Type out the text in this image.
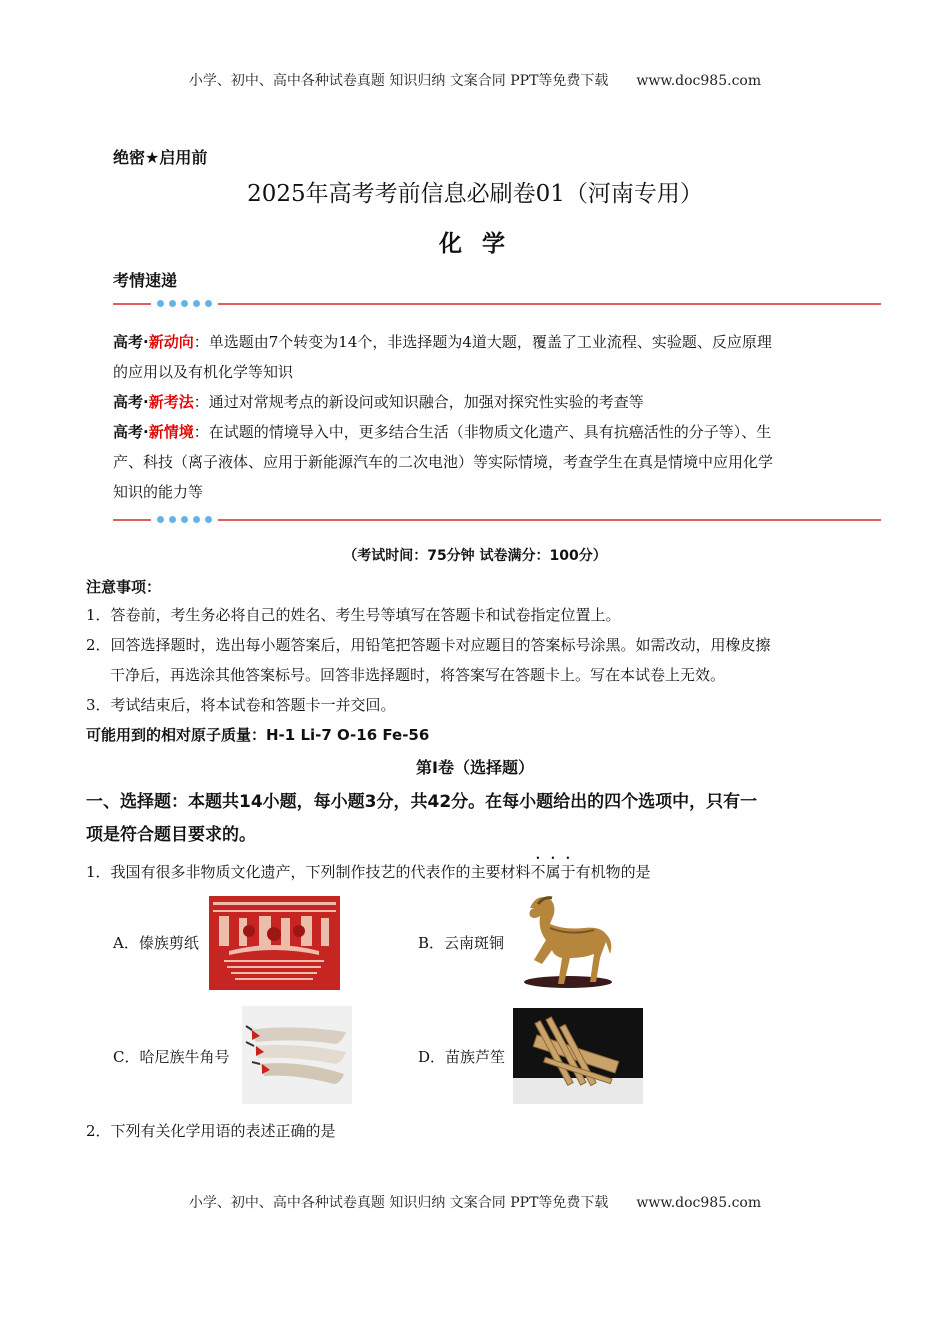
小学、初中、高中各种试卷真题 知识归纳 文案合同 PPT等免费下载 www.doc985.com
绝密★启用前
2025年高考考前信息必刷卷01（河南专用）
化 学
考情速递
高考·新动向：单选题由7个转变为14个，非选择题为4道大题，覆盖了工业流程、实验题、反应原理
的应用以及有机化学等知识
高考·新考法：通过对常规考点的新设问或知识融合，加强对探究性实验的考查等
高考·新情境：在试题的情境导入中，更多结合生活（非物质文化遗产、具有抗癌活性的分子等）、生
产、科技（离子液体、应用于新能源汽车的二次电池）等实际情境，考查学生在真是情境中应用化学
知识的能力等
（考试时间：75分钟 试卷满分：100分）
注意事项：
1．答卷前，考生务必将自己的姓名、考生号等填写在答题卡和试卷指定位置上。
2．回答选择题时，选出每小题答案后，用铅笔把答题卡对应题目的答案标号涂黑。如需改动，用橡皮擦
干净后，再选涂其他答案标号。回答非选择题时，将答案写在答题卡上。写在本试卷上无效。
3．考试结束后，将本试卷和答题卡一并交回。
可能用到的相对原子质量：H-1 Li-7 O-16 Fe-56
第Ⅰ卷（选择题）
一、选择题：本题共14小题，每小题3分，共42分。在每小题给出的四个选项中，只有一
项是符合题目要求的。
1．我国有很多非物质文化遗产，下列制作技艺的代表作的主要材料不属于有机物的是
A．傣族剪纸	B．云南斑铜
C．哈尼族牛角号	D．苗族芦笙
2．下列有关化学用语的表述正确的是
小学、初中、高中各种试卷真题 知识归纳 文案合同 PPT等免费下载 www.doc985.com
